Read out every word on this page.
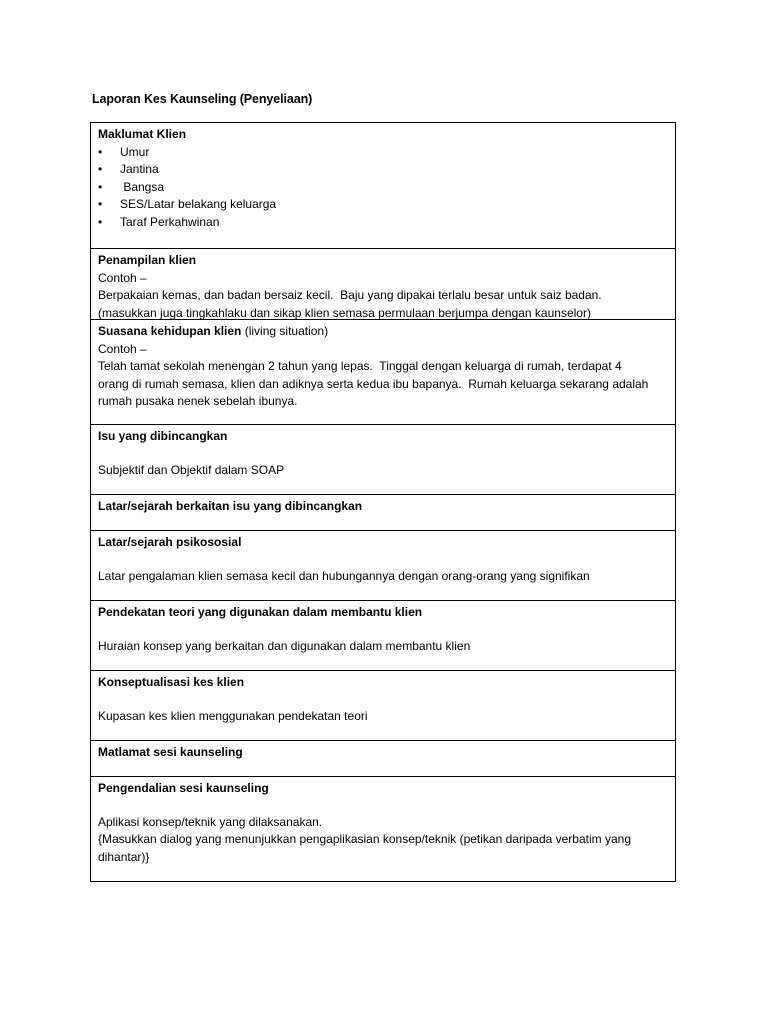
Laporan Kes Kaunseling (Penyeliaan)
Maklumat Klien
• Umur
• Jantina
•  Bangsa
• SES/Latar belakang keluarga
• Taraf Perkahwinan
Penampilan klien
Contoh –
Berpakaian kemas, dan badan bersaiz kecil.  Baju yang dipakai terlalu besar untuk saiz badan.
(masukkan juga tingkahlaku dan sikap klien semasa permulaan berjumpa dengan kaunselor)
Suasana kehidupan klien (living situation)
Contoh –
Telah tamat sekolah menengan 2 tahun yang lepas.  Tinggal dengan keluarga di rumah, terdapat 4
orang di rumah semasa, klien dan adiknya serta kedua ibu bapanya.  Rumah keluarga sekarang adalah
rumah pusaka nenek sebelah ibunya.
Isu yang dibincangkan
Subjektif dan Objektif dalam SOAP
Latar/sejarah berkaitan isu yang dibincangkan
Latar/sejarah psikososial
Latar pengalaman klien semasa kecil dan hubungannya dengan orang-orang yang signifikan
Pendekatan teori yang digunakan dalam membantu klien
Huraian konsep yang berkaitan dan digunakan dalam membantu klien
Konseptualisasi kes klien
Kupasan kes klien menggunakan pendekatan teori
Matlamat sesi kaunseling
Pengendalian sesi kaunseling
Aplikasi konsep/teknik yang dilaksanakan.
{Masukkan dialog yang menunjukkan pengaplikasian konsep/teknik (petikan daripada verbatim yang
dihantar)}
